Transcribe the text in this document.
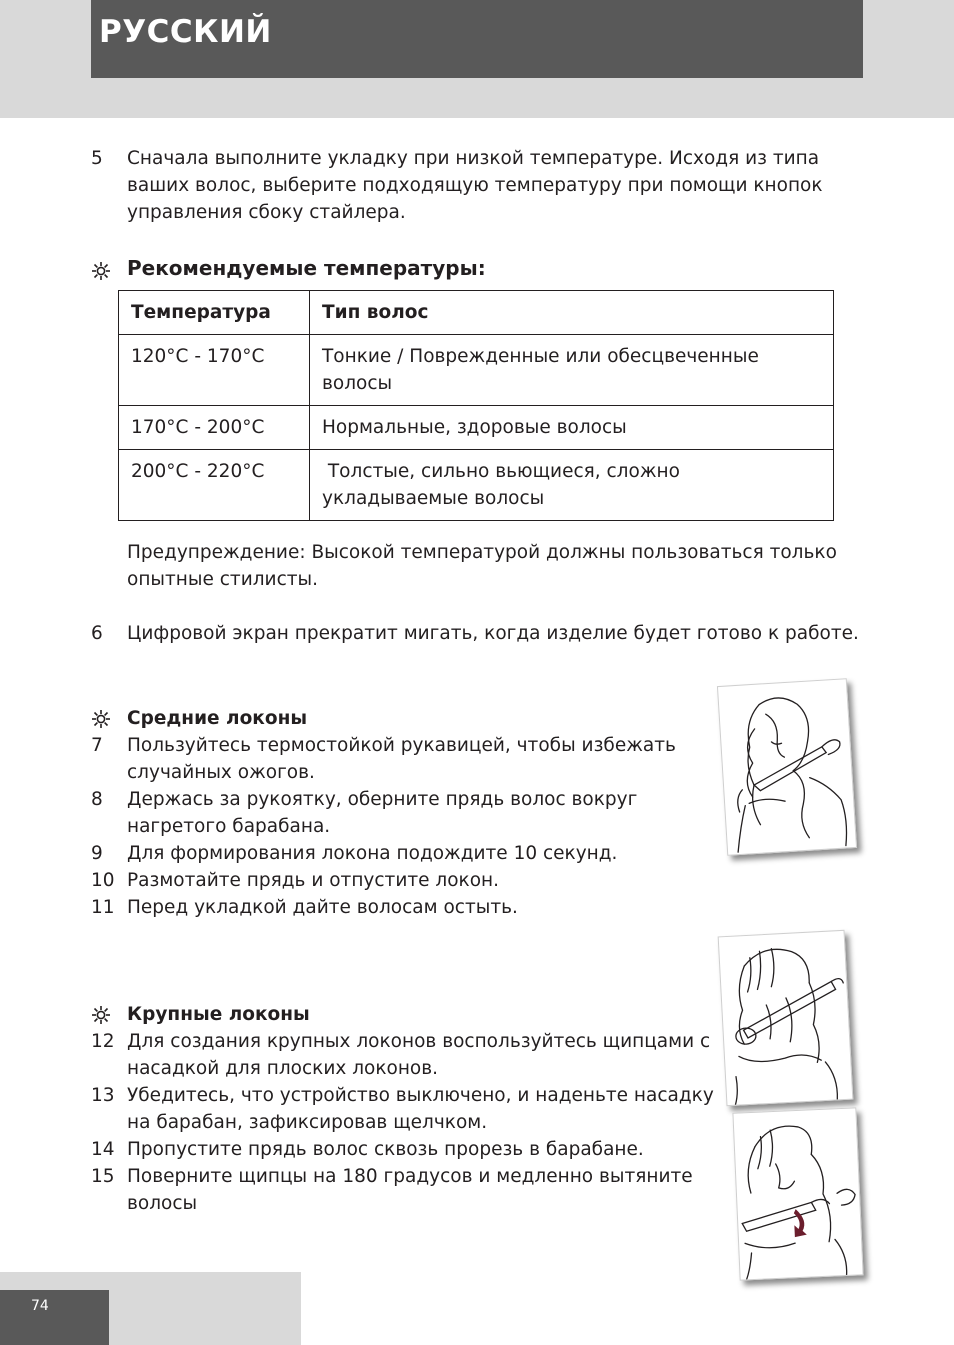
РУССКИЙ
5 Сначала выполните укладку при низкой температуре. Исходя из типа
ваших волос, выберите подходящую температуру при помощи кнопок
управления сбоку стайлера.
Рекомендуемые температуры:
Температура	Тип волос
120°C - 170°C	Тонкие / Поврежденные или обесцвеченные
волосы

170°C - 200°C	Нормальные, здоровые волосы

200°C - 220°C	Толстые, сильно вьющиеся, сложно
укладываемые волосы
Предупреждение: Высокой температурой должны пользоваться только
опытные стилисты.
6 Цифровой экран прекратит мигать, когда изделие будет готово к работе.
Средние локоны
7 Пользуйтесь термостойкой рукавицей, чтобы избежать
случайных ожогов.
8 Держась за рукоятку, оберните прядь волос вокруг
нагретого барабана.
9 Для формирования локона подождите 10 секунд.
10 Размотайте прядь и отпустите локон.
11 Перед укладкой дайте волосам остыть.
Крупные локоны
12 Для создания крупных локонов воспользуйтесь щипцами с
насадкой для плоских локонов.
13 Убедитесь, что устройство выключено, и наденьте насадку
на барабан, зафиксировав щелчком.
14 Пропустите прядь волос сквозь прорезь в барабане.
15 Поверните щипцы на 180 градусов и медленно вытяните
волосы
74
